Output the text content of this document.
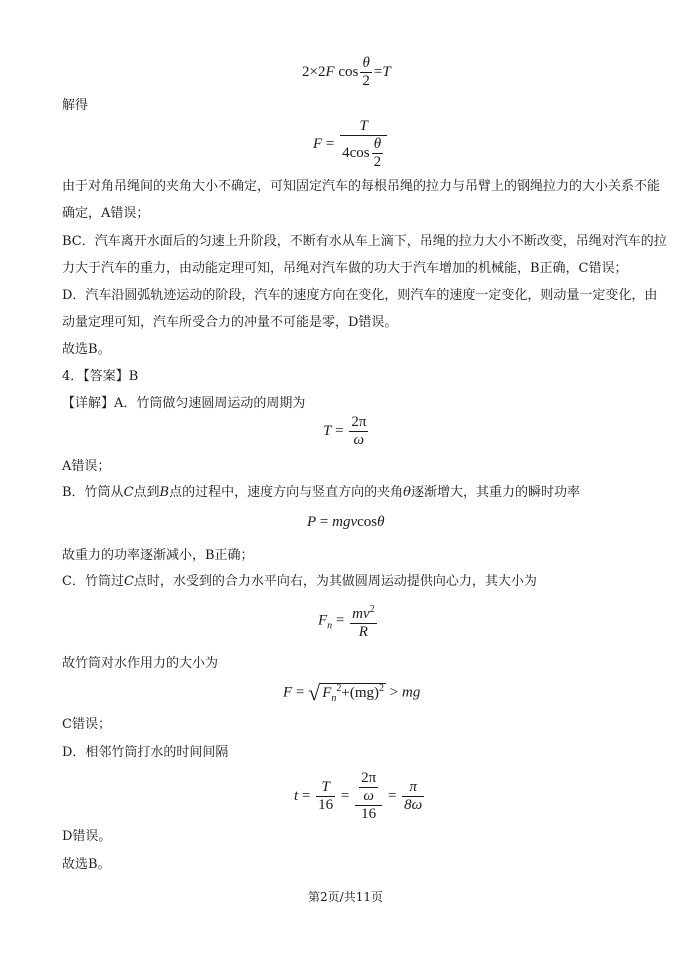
2×2F $\cos \frac{\theta}{2} =T$
解得
$F = \frac{T}{4\cos \frac{\theta}{2}}$
由于对角吊绳间的夹角大小不确定，可知固定汽车的每根吊绳的拉力与吊臂上的钢绳拉力的大小关系不能
确定，A错误；
BC．汽车离开水面后的匀速上升阶段，不断有水从车上滴下，吊绳的拉力大小不断改变，吊绳对汽车的拉
力大于汽车的重力，由动能定理可知，吊绳对汽车做的功大于汽车增加的机械能，B正确，C错误；
D．汽车沿圆弧轨迹运动的阶段，汽车的速度方向在变化，则汽车的速度一定变化，则动量一定变化，由
动量定理可知，汽车所受合力的冲量不可能是零，D错误。
故选B。
4．【答案】B
【详解】A．竹筒做匀速圆周运动的周期为
$T = \frac{2\pi}{\omega}$
A错误；
B．竹筒从C点到B点的过程中，速度方向与竖直方向的夹角θ逐渐增大，其重力的瞬时功率
P = mgvcosθ
故重力的功率逐渐减小，B正确；
C．竹筒过C点时，水受到的合力水平向右，为其做圆周运动提供向心力，其大小为
$F_n = \frac{mv^2}{R}$
故竹筒对水作用力的大小为
F = √ $F_n^2+(mg)^2$ > mg
C错误；
D．相邻竹筒打水的时间间隔
$t = \frac{T}{16} = \frac{\frac{2\pi}{\omega}}{16} = \frac{\pi}{8\omega}$
D错误。
故选B。
第2页/共11页
